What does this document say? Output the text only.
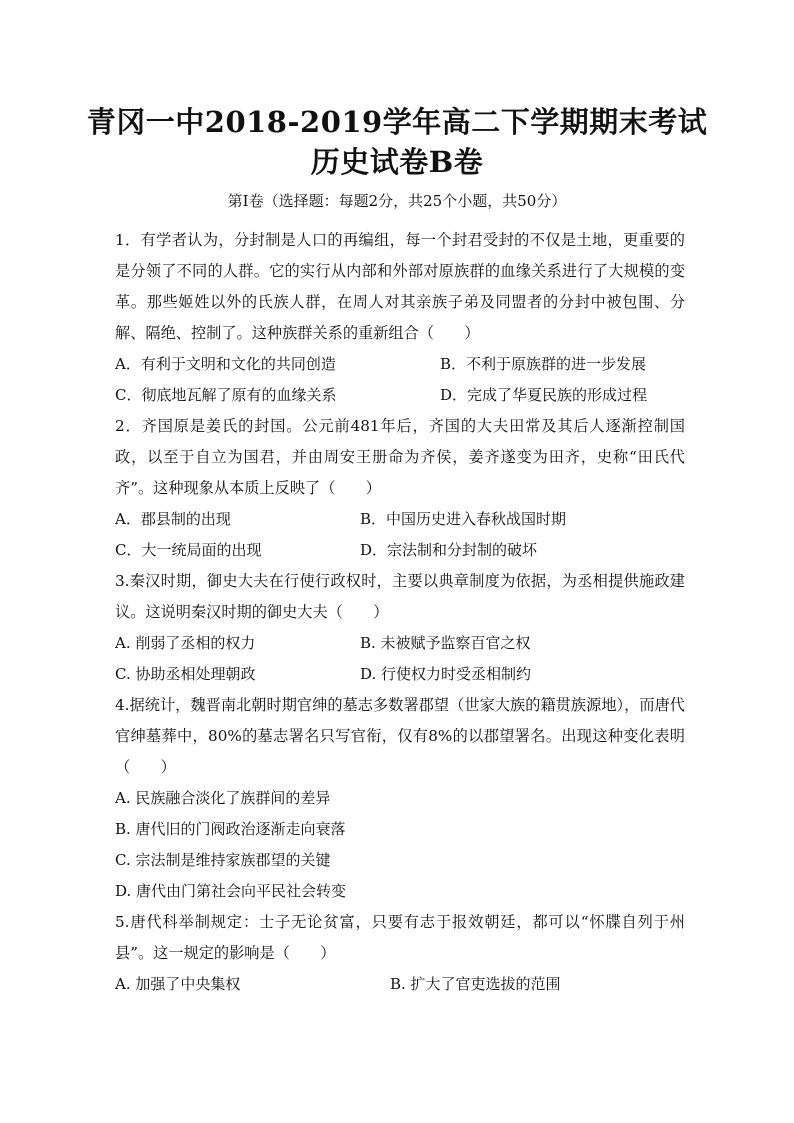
青冈一中2018-2019学年高二下学期期末考试
历史试卷B卷
第Ⅰ卷（选择题：每题2分，共25个小题，共50分）
1．有学者认为，分封制是人口的再编组，每一个封君受封的不仅是土地，更重要的是分领了不同的人群。它的实行从内部和外部对原族群的血缘关系进行了大规模的变革。那些姬姓以外的氏族人群，在周人对其亲族子弟及同盟者的分封中被包围、分解、隔绝、控制了。这种族群关系的重新组合（　　）
A．有利于文明和文化的共同创造	B．不利于原族群的进一步发展
C．彻底地瓦解了原有的血缘关系	D．完成了华夏民族的形成过程
2．齐国原是姜氏的封国。公元前481年后，齐国的大夫田常及其后人逐渐控制国政，以至于自立为国君，并由周安王册命为齐侯，姜齐遂变为田齐，史称“田氏代齐”。这种现象从本质上反映了（　　）
A．郡县制的出现	B．中国历史进入春秋战国时期
C．大一统局面的出现	D．宗法制和分封制的破坏
3.秦汉时期，御史大夫在行使行政权时，主要以典章制度为依据，为丞相提供施政建议。这说明秦汉时期的御史大夫（　　）
A. 削弱了丞相的权力	B. 未被赋予监察百官之权
C. 协助丞相处理朝政	D. 行使权力时受丞相制约
4.据统计，魏晋南北朝时期官绅的墓志多数署郡望（世家大族的籍贯族源地），而唐代官绅墓葬中，80%的墓志署名只写官衔，仅有8%的以郡望署名。出现这种变化表明（　　）
A. 民族融合淡化了族群间的差异
B. 唐代旧的门阀政治逐渐走向衰落
C. 宗法制是维持家族郡望的关键
D. 唐代由门第社会向平民社会转变
5.唐代科举制规定：士子无论贫富，只要有志于报效朝廷，都可以“怀牒自列于州县”。这一规定的影响是（　　）
A. 加强了中央集权	B. 扩大了官吏选拔的范围
